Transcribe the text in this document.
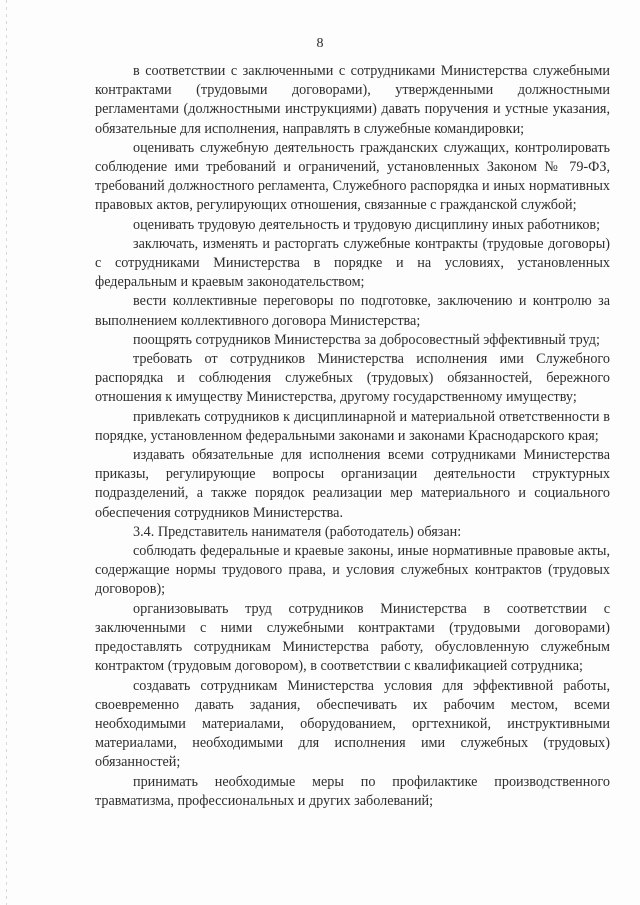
8

в соответствии с заключенными с сотрудниками Министерства служебными контрактами (трудовыми договорами), утвержденными должностными регламентами (должностными инструкциями) давать поручения и устные указания, обязательные для исполнения, направлять в служебные командировки;

оценивать служебную деятельность гражданских служащих, контролировать соблюдение ими требований и ограничений, установленных Законом № 79-ФЗ, требований должностного регламента, Служебного распорядка и иных нормативных правовых актов, регулирующих отношения, связанные с гражданской службой;

оценивать трудовую деятельность и трудовую дисциплину иных работников;

заключать, изменять и расторгать служебные контракты (трудовые договоры) с сотрудниками Министерства в порядке и на условиях, установленных федеральным и краевым законодательством;

вести коллективные переговоры по подготовке, заключению и контролю за выполнением коллективного договора Министерства;

поощрять сотрудников Министерства за добросовестный эффективный труд;

требовать от сотрудников Министерства исполнения ими Служебного распорядка и соблюдения служебных (трудовых) обязанностей, бережного отношения к имуществу Министерства, другому государственному имуществу;

привлекать сотрудников к дисциплинарной и материальной ответственности в порядке, установленном федеральными законами и законами Краснодарского края;

издавать обязательные для исполнения всеми сотрудниками Министерства приказы, регулирующие вопросы организации деятельности структурных подразделений, а также порядок реализации мер материального и социального обеспечения сотрудников Министерства.

3.4. Представитель нанимателя (работодатель) обязан:

соблюдать федеральные и краевые законы, иные нормативные правовые акты, содержащие нормы трудового права, и условия служебных контрактов (трудовых договоров);

организовывать труд сотрудников Министерства в соответствии с заключенными с ними служебными контрактами (трудовыми договорами) предоставлять сотрудникам Министерства работу, обусловленную служебным контрактом (трудовым договором), в соответствии с квалификацией сотрудника;

создавать сотрудникам Министерства условия для эффективной работы, своевременно давать задания, обеспечивать их рабочим местом, всеми необходимыми материалами, оборудованием, оргтехникой, инструктивными материалами, необходимыми для исполнения ими служебных (трудовых) обязанностей;

принимать необходимые меры по профилактике производственного травматизма, профессиональных и других заболеваний;
